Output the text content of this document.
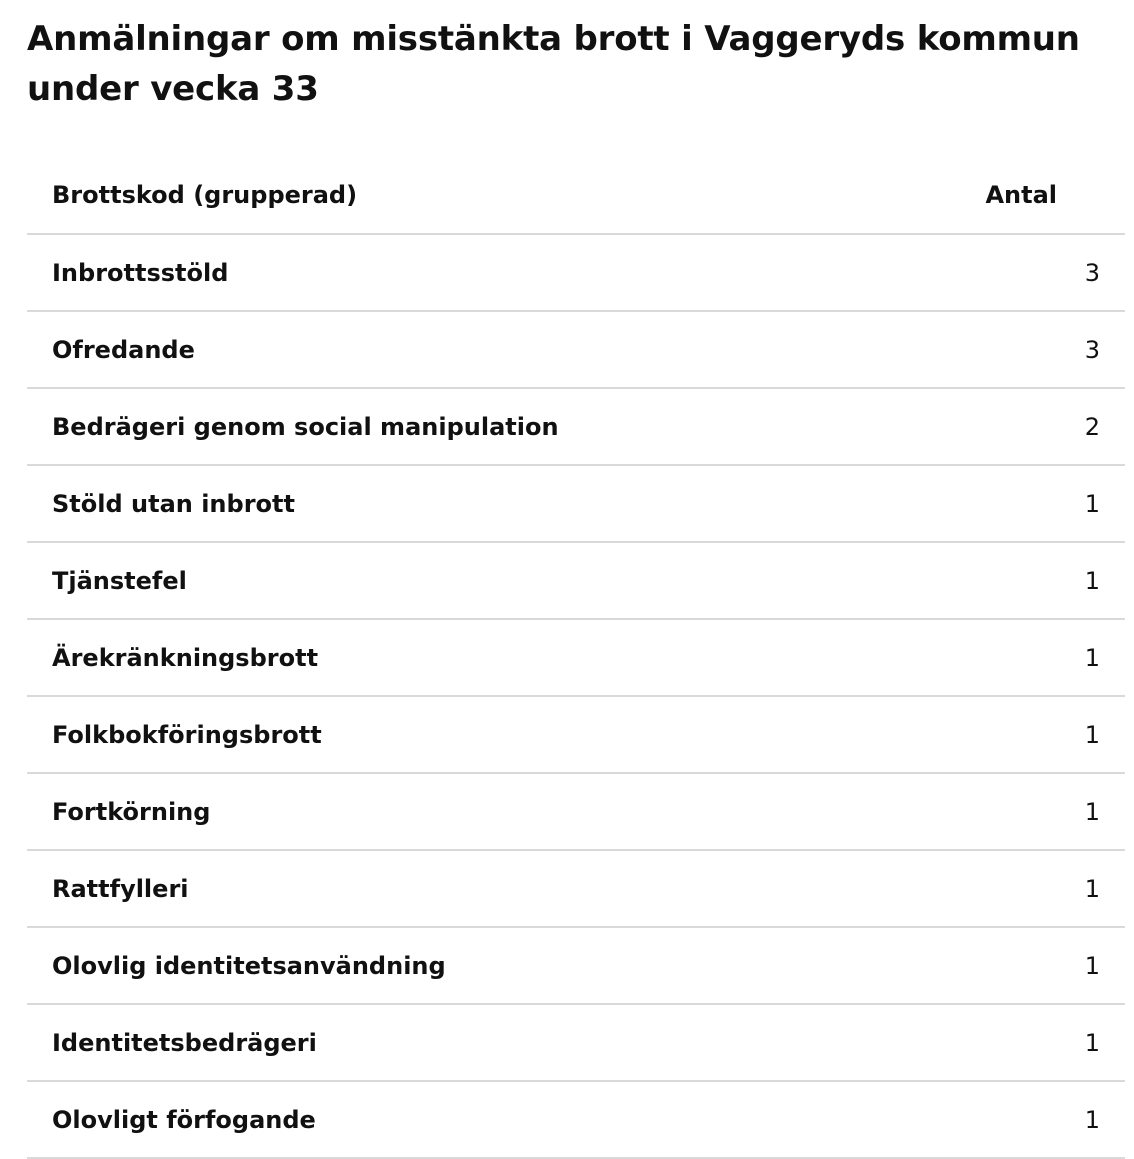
Anmälningar om misstänkta brott i Vaggeryds kommun under vecka 33
Brottskod (grupperad)	Antal
Inbrottsstöld	3
Ofredande	3
Bedrägeri genom social manipulation	2
Stöld utan inbrott	1
Tjänstefel	1
Ärekränkningsbrott	1
Folkbokföringsbrott	1
Fortkörning	1
Rattfylleri	1
Olovlig identitetsanvändning	1
Identitetsbedrägeri	1
Olovligt förfogande	1
